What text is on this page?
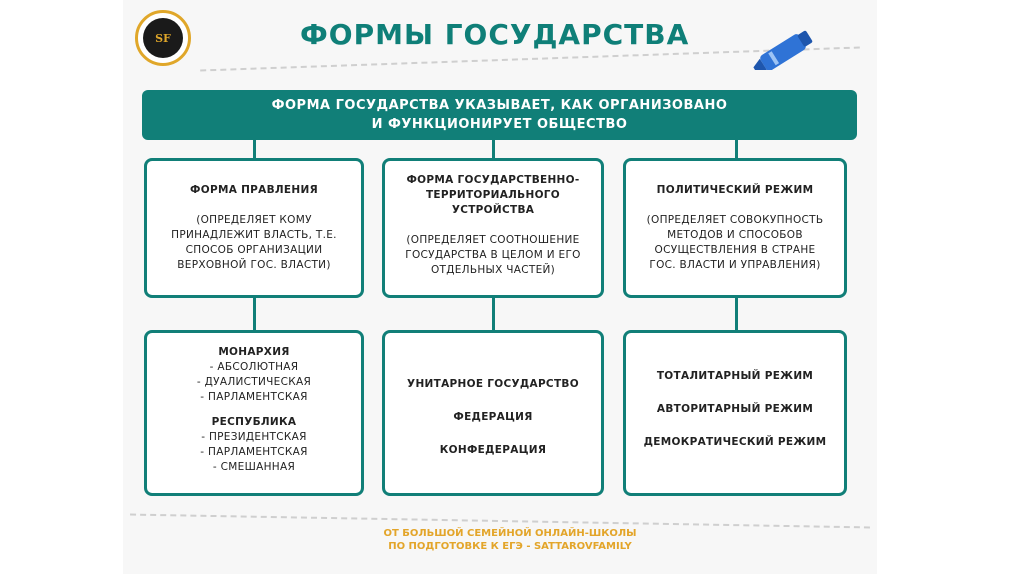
SF	ФОРМЫ ГОСУДАРСТВА
ФОРМА ГОСУДАРСТВА УКАЗЫВАЕТ, КАК ОРГАНИЗОВАНО
И ФУНКЦИОНИРУЕТ ОБЩЕСТВО

ФОРМА ПРАВЛЕНИЯ

(ОПРЕДЕЛЯЕТ КОМУ

ПРИНАДЛЕЖИТ ВЛАСТЬ, Т.Е.

СПОСОБ ОРГАНИЗАЦИИ

ВЕРХОВНОЙ ГОС. ВЛАСТИ)

ФОРМА ГОСУДАРСТВЕННО-

ТЕРРИТОРИАЛЬНОГО

УСТРОЙСТВА

(ОПРЕДЕЛЯЕТ СООТНОШЕНИЕ

ГОСУДАРСТВА В ЦЕЛОМ И ЕГО

ОТДЕЛЬНЫХ ЧАСТЕЙ)

ПОЛИТИЧЕСКИЙ РЕЖИМ

(ОПРЕДЕЛЯЕТ СОВОКУПНОСТЬ

МЕТОДОВ И СПОСОБОВ

ОСУЩЕСТВЛЕНИЯ В СТРАНЕ

ГОС. ВЛАСТИ И УПРАВЛЕНИЯ)

МОНАРХИЯ

- АБСОЛЮТНАЯ

- ДУАЛИСТИЧЕСКАЯ

- ПАРЛАМЕНТСКАЯ

РЕСПУБЛИКА

- ПРЕЗИДЕНТСКАЯ

- ПАРЛАМЕНТСКАЯ

- СМЕШАННАЯ

УНИТАРНОЕ ГОСУДАРСТВО

ФЕДЕРАЦИЯ

КОНФЕДЕРАЦИЯ

ТОТАЛИТАРНЫЙ РЕЖИМ

АВТОРИТАРНЫЙ РЕЖИМ

ДЕМОКРАТИЧЕСКИЙ РЕЖИМ

ОТ БОЛЬШОЙ СЕМЕЙНОЙ ОНЛАЙН-ШКОЛЫ
ПО ПОДГОТОВКЕ К ЕГЭ - SATTAROVFAMILY
